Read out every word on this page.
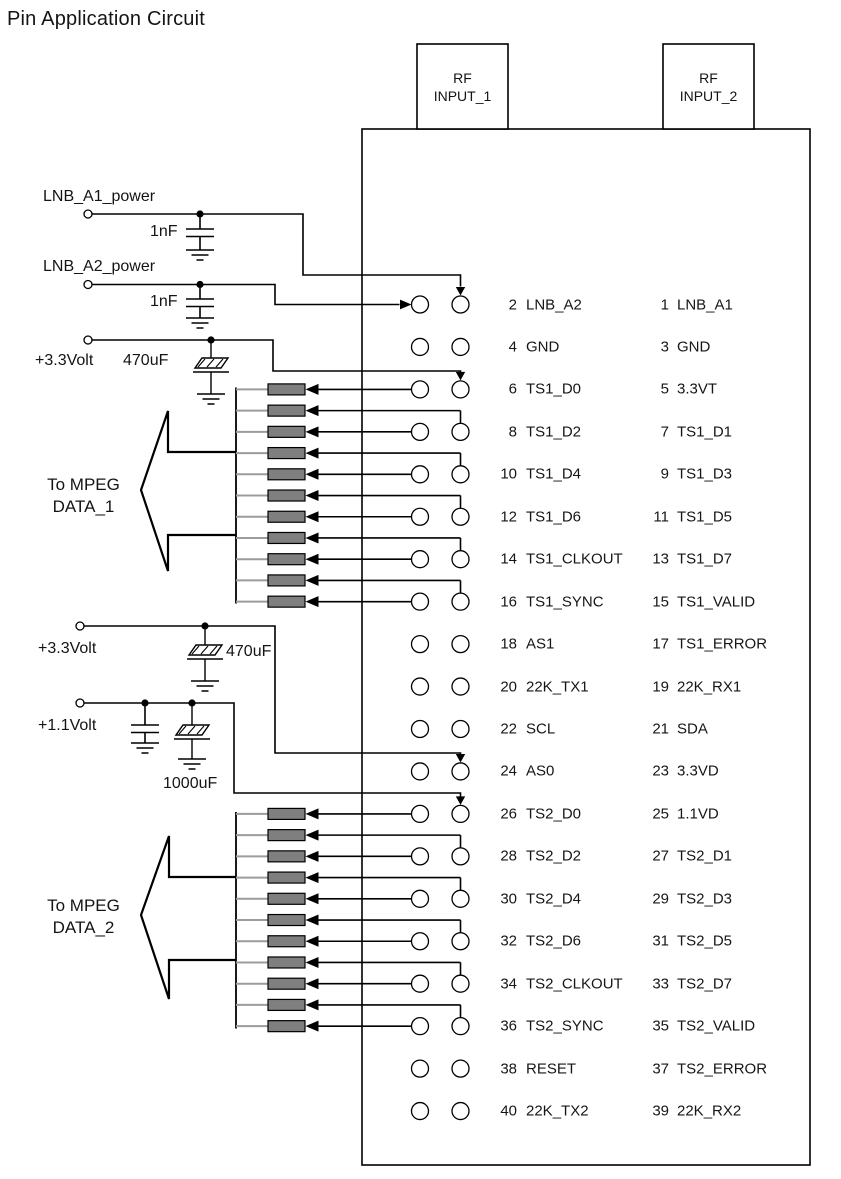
Pin Application Circuit
RF
INPUT_1
RF
INPUT_2
LNB_A1_power
1nF
LNB_A2_power
1nF
+3.3Volt 470uF
+3.3Volt	470uF
+1.1Volt
1000uF
To MPEG
DATA_1
To MPEG
DATA_2
2 LNB_A2	1 LNB_A1
4 GND	3 GND
6 TS1_D0	5 3.3VT
8 TS1_D2	7 TS1_D1
10 TS1_D4	9 TS1_D3
12 TS1_D6	11 TS1_D5
14 TS1_CLKOUT	13 TS1_D7
16 TS1_SYNC	15 TS1_VALID
18 AS1	17 TS1_ERROR
20 22K_TX1	19 22K_RX1
22 SCL	21 SDA
24 AS0	23 3.3VD
26 TS2_D0	25 1.1VD
28 TS2_D2	27 TS2_D1
30 TS2_D4	29 TS2_D3
32 TS2_D6	31 TS2_D5
34 TS2_CLKOUT	33 TS2_D7
36 TS2_SYNC	35 TS2_VALID
38 RESET	37 TS2_ERROR
40 22K_TX2	39 22K_RX2
